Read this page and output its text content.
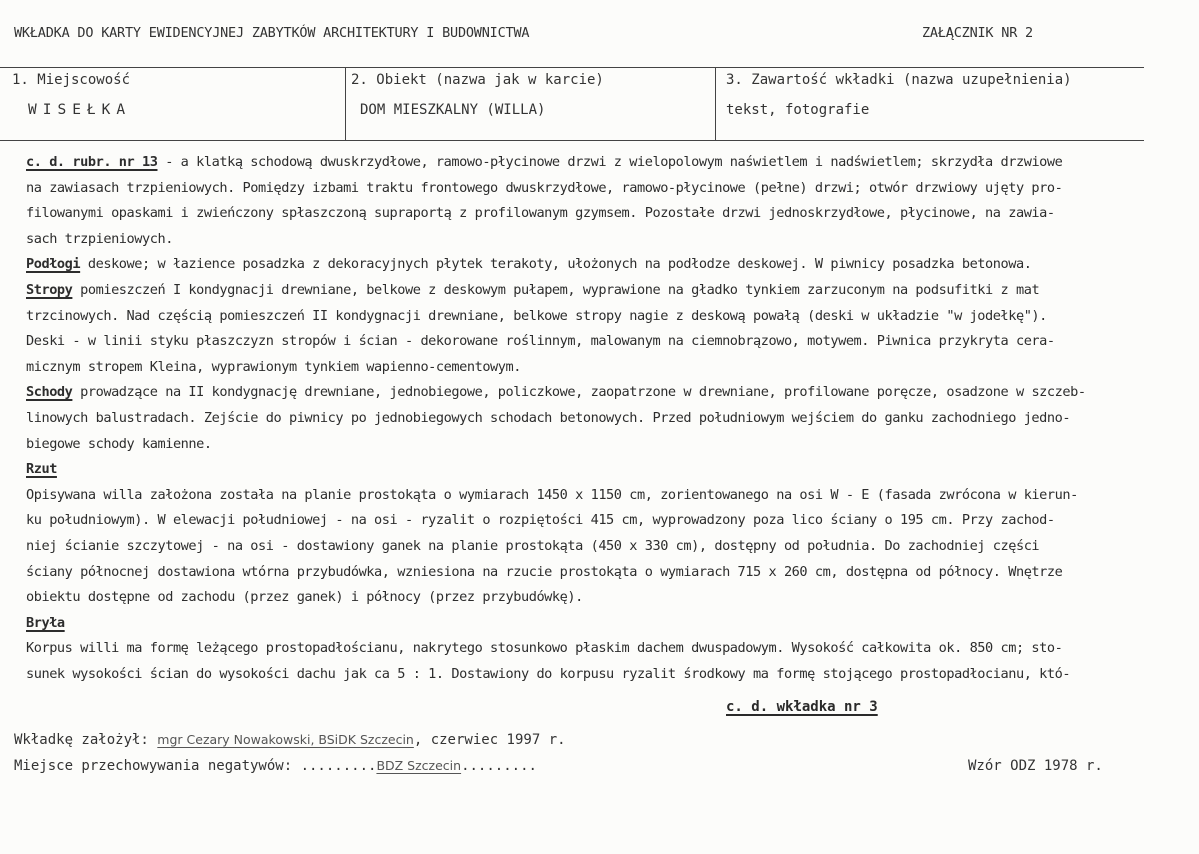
WKŁADKA DO KARTY EWIDENCYJNEJ ZABYTKÓW ARCHITEKTURY I BUDOWNICTWA	ZAŁĄCZNIK NR 2
1. Miejscowość
WISEŁKA
2. Obiekt (nazwa jak w karcie)
DOM MIESZKALNY (WILLA)
3. Zawartość wkładki (nazwa uzupełnienia)
tekst, fotografie
c. d. rubr. nr 13 - a klatką schodową dwuskrzydłowe, ramowo-płycinowe drzwi z wielopolowym naświetlem i nadświetlem; skrzydła drzwiowe
na zawiasach trzpieniowych. Pomiędzy izbami traktu frontowego dwuskrzydłowe, ramowo-płycinowe (pełne) drzwi; otwór drzwiowy ujęty pro-
filowanymi opaskami i zwieńczony spłaszczoną supraportą z profilowanym gzymsem. Pozostałe drzwi jednoskrzydłowe, płycinowe, na zawia-
sach trzpieniowych.
Podłogi deskowe; w łazience posadzka z dekoracyjnych płytek terakoty, ułożonych na podłodze deskowej. W piwnicy posadzka betonowa.
Stropy pomieszczeń I kondygnacji drewniane, belkowe z deskowym pułapem, wyprawione na gładko tynkiem zarzuconym na podsufitki z mat
trzcinowych. Nad częścią pomieszczeń II kondygnacji drewniane, belkowe stropy nagie z deskową powałą (deski w układzie "w jodełkę").
Deski - w linii styku płaszczyzn stropów i ścian - dekorowane roślinnym, malowanym na ciemnobrązowo, motywem. Piwnica przykryta cera-
micznym stropem Kleina, wyprawionym tynkiem wapienno-cementowym.
Schody prowadzące na II kondygnację drewniane, jednobiegowe, policzkowe, zaopatrzone w drewniane, profilowane poręcze, osadzone w szczeb-
linowych balustradach. Zejście do piwnicy po jednobiegowych schodach betonowych. Przed południowym wejściem do ganku zachodniego jedno-
biegowe schody kamienne.
Rzut
Opisywana willa założona została na planie prostokąta o wymiarach 1450 x 1150 cm, zorientowanego na osi W - E (fasada zwrócona w kierun-
ku południowym). W elewacji południowej - na osi - ryzalit o rozpiętości 415 cm, wyprowadzony poza lico ściany o 195 cm. Przy zachod-
niej ścianie szczytowej - na osi - dostawiony ganek na planie prostokąta (450 x 330 cm), dostępny od południa. Do zachodniej części
ściany północnej dostawiona wtórna przybudówka, wzniesiona na rzucie prostokąta o wymiarach 715 x 260 cm, dostępna od północy. Wnętrze
obiektu dostępne od zachodu (przez ganek) i północy (przez przybudówkę).
Bryła
Korpus willi ma formę leżącego prostopadłościanu, nakrytego stosunkowo płaskim dachem dwuspadowym. Wysokość całkowita ok. 850 cm; sto-
sunek wysokości ścian do wysokości dachu jak ca 5 : 1. Dostawiony do korpusu ryzalit środkowy ma formę stojącego prostopadłocianu, któ-
c. d. wkładka nr 3
Wkładkę założył: mgr Cezary Nowakowski, BSiDK Szczecin, czerwiec 1997 r.
Miejsce przechowywania negatywów: .........BDZ Szczecin.........	Wzór ODZ 1978 r.
